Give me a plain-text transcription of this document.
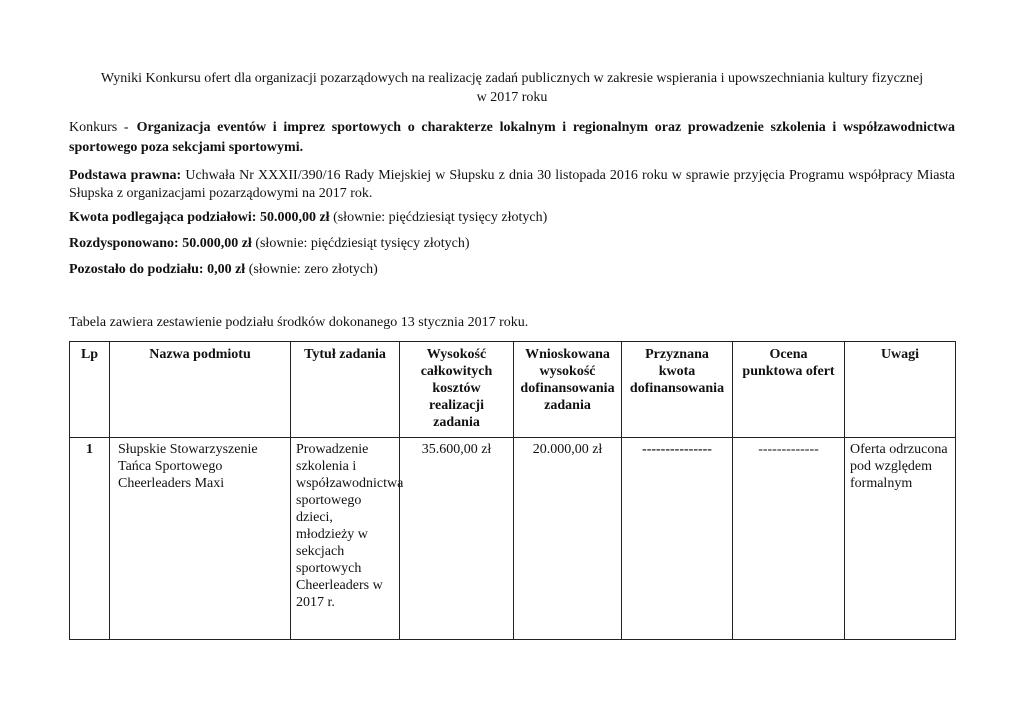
Wyniki Konkursu ofert dla organizacji pozarządowych na realizację zadań publicznych w zakresie wspierania i upowszechniania kultury fizycznej
w 2017 roku
Konkurs - Organizacja eventów i imprez sportowych o charakterze lokalnym i regionalnym oraz prowadzenie szkolenia i współzawodnictwa sportowego poza sekcjami sportowymi.
Podstawa prawna: Uchwała Nr XXXII/390/16 Rady Miejskiej w Słupsku z dnia 30 listopada 2016 roku w sprawie przyjęcia Programu współpracy Miasta Słupska z organizacjami pozarządowymi na 2017 rok.
Kwota podlegająca podziałowi: 50.000,00 zł (słownie: pięćdziesiąt tysięcy złotych)
Rozdysponowano: 50.000,00 zł (słownie: pięćdziesiąt tysięcy złotych)
Pozostało do podziału: 0,00 zł (słownie: zero złotych)
Tabela zawiera zestawienie podziału środków dokonanego 13 stycznia 2017 roku.
Lp	Nazwa podmiotu	Tytuł zadania	Wysokość całkowitych kosztów realizacji zadania	Wnioskowana wysokość dofinansowania zadania	Przyznana kwota dofinansowania	Ocena punktowa ofert	Uwagi
1	Słupskie Stowarzyszenie Tańca Sportowego Cheerleaders Maxi	Prowadzenie szkolenia i współzawodnictwa sportowego dzieci, młodzieży w sekcjach sportowych Cheerleaders w 2017 r.	35.600,00 zł	20.000,00 zł	---------------	-------------	Oferta odrzucona pod względem formalnym
